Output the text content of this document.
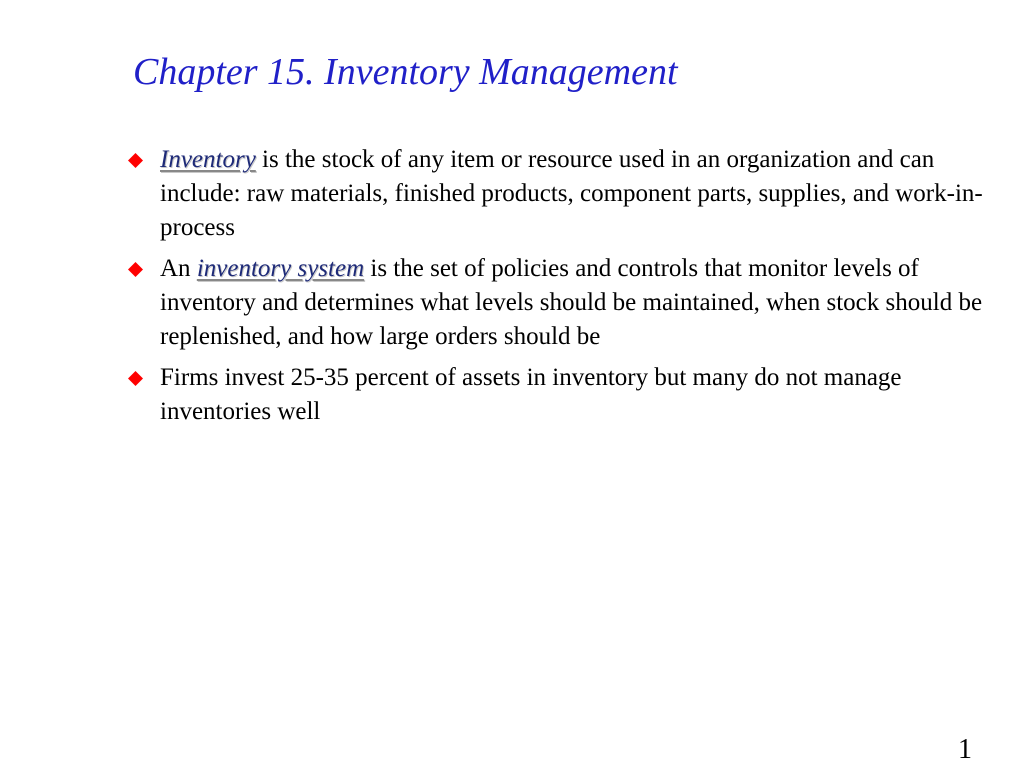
Chapter 15. Inventory Management
Inventory is the stock of any item or resource used in an organization and can include: raw materials, finished products, component parts, supplies, and work-in-process
An inventory system is the set of policies and controls that monitor levels of inventory and determines what levels should be maintained, when stock should be replenished, and how large orders should be
Firms invest 25-35 percent of assets in inventory but many do not manage inventories well
1
